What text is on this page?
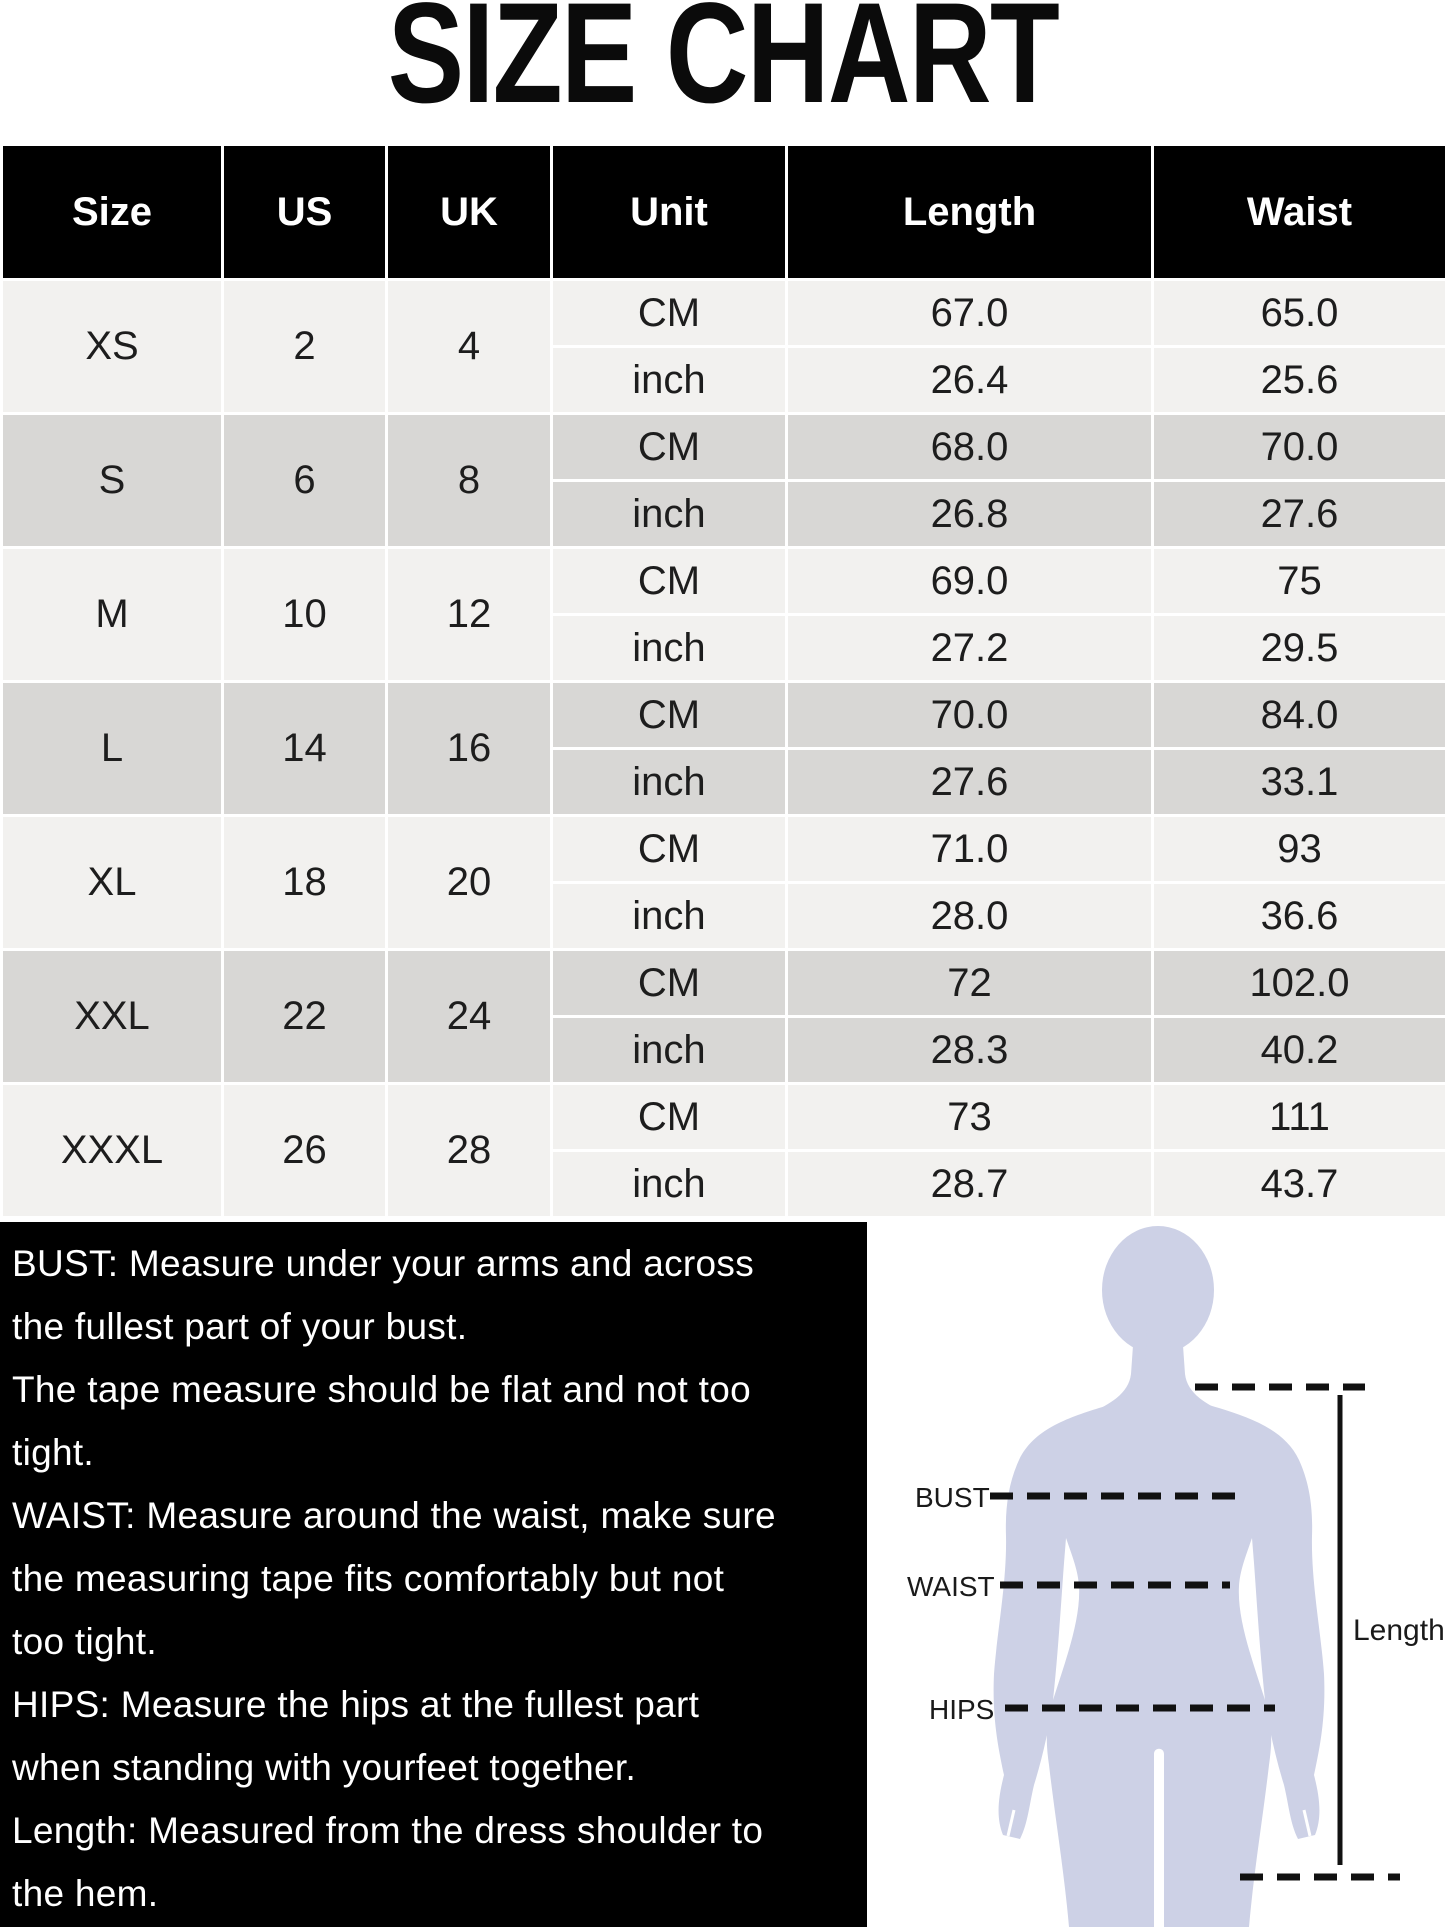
SIZE CHART
Size	US	UK	Unit	Length	Waist
XS	2	4	CM	67.0	65.0
			inch	26.4	25.6
S	6	8	CM	68.0	70.0
			inch	26.8	27.6
M	10	12	CM	69.0	75
			inch	27.2	29.5
L	14	16	CM	70.0	84.0
			inch	27.6	33.1
XL	18	20	CM	71.0	93
			inch	28.0	36.6
XXL	22	24	CM	72	102.0
			inch	28.3	40.2
XXXL	26	28	CM	73	111
			inch	28.7	43.7
BUST: Measure under your arms and across
the fullest part of your bust.
The tape measure should be flat and not too
tight.
WAIST: Measure around the waist, make sure
the measuring tape fits comfortably but not
too tight.
HIPS: Measure the hips at the fullest part
when standing with yourfeet together.
Length: Measured from the dress shoulder to
the hem.
BUST
WAIST
HIPS
Length
